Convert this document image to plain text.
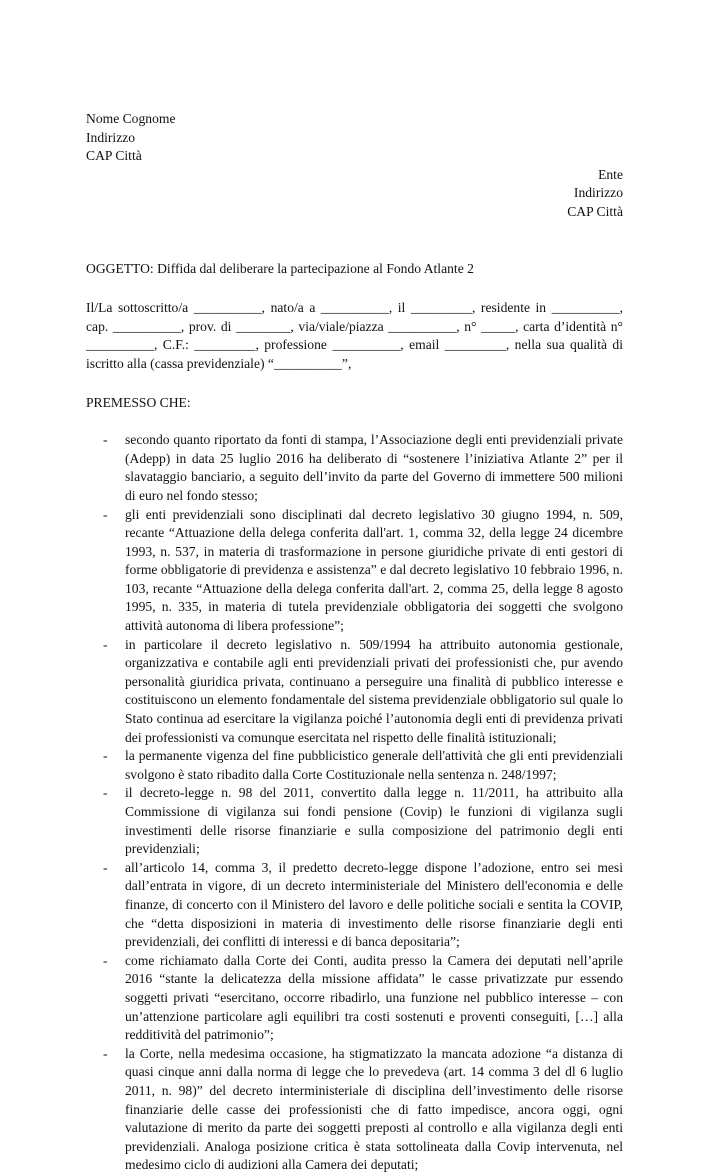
Nome Cognome
Indirizzo
CAP Città
Ente
Indirizzo
CAP Città
OGGETTO: Diffida dal deliberare la partecipazione al Fondo Atlante 2
Il/La sottoscritto/a __________, nato/a a __________, il _________, residente in __________, cap. __________, prov. di ________, via/viale/piazza __________, n° _____, carta d’identità n° __________, C.F.: _________, professione __________, email _________, nella sua qualità di iscritto alla (cassa previdenziale) “__________”,
PREMESSO CHE:
- secondo quanto riportato da fonti di stampa, l’Associazione degli enti previdenziali private (Adepp) in data 25 luglio 2016 ha deliberato di “sostenere l’iniziativa Atlante 2” per il slavataggio banciario, a seguito dell’invito da parte del Governo di immettere 500 milioni di euro nel fondo stesso;
- gli enti previdenziali sono disciplinati dal decreto legislativo 30 giugno 1994, n. 509, recante “Attuazione della delega conferita dall'art. 1, comma 32, della legge 24 dicembre 1993, n. 537, in materia di trasformazione in persone giuridiche private di enti gestori di forme obbligatorie di previdenza e assistenza” e dal decreto legislativo 10 febbraio 1996, n. 103, recante “Attuazione della delega conferita dall'art. 2, comma 25, della legge 8 agosto 1995, n. 335, in materia di tutela previdenziale obbligatoria dei soggetti che svolgono attività autonoma di libera professione”;
- in particolare il decreto legislativo n. 509/1994 ha attribuito autonomia gestionale, organizzativa e contabile agli enti previdenziali privati dei professionisti che, pur avendo personalità giuridica privata, continuano a perseguire una finalità di pubblico interesse e costituiscono un elemento fondamentale del sistema previdenziale obbligatorio sul quale lo Stato continua ad esercitare la vigilanza poiché l’autonomia degli enti di previdenza privati dei professionisti va comunque esercitata nel rispetto delle finalità istituzionali;
- la permanente vigenza del fine pubblicistico generale dell'attività che gli enti previdenziali svolgono è stato ribadito dalla Corte Costituzionale nella sentenza n. 248/1997;
- il decreto-legge n. 98 del 2011, convertito dalla legge n. 11/2011, ha attribuito alla Commissione di vigilanza sui fondi pensione (Covip) le funzioni di vigilanza sugli investimenti delle risorse finanziarie e sulla composizione del patrimonio degli enti previdenziali;
- all’articolo 14, comma 3, il predetto decreto-legge dispone l’adozione, entro sei mesi dall’entrata in vigore, di un decreto interministeriale del Ministero dell'economia e delle finanze, di concerto con il Ministero del lavoro e delle politiche sociali e sentita la COVIP, che “detta disposizioni in materia di investimento delle risorse finanziarie degli enti previdenziali, dei conflitti di interessi e di banca depositaria”;
- come richiamato dalla Corte dei Conti, audita presso la Camera dei deputati nell’aprile 2016 “stante la delicatezza della missione affidata” le casse privatizzate pur essendo soggetti privati “esercitano, occorre ribadirlo, una funzione nel pubblico interesse – con un’attenzione particolare agli equilibri tra costi sostenuti e proventi conseguiti, […] alla redditività del patrimonio”;
- la Corte, nella medesima occasione, ha stigmatizzato la mancata adozione “a distanza di quasi cinque anni dalla norma di legge che lo prevedeva (art. 14 comma 3 del dl 6 luglio 2011, n. 98)” del decreto interministeriale di disciplina dell’investimento delle risorse finanziarie delle casse dei professionisti che di fatto impedisce, ancora oggi, ogni valutazione di merito da parte dei soggetti preposti al controllo e alla vigilanza degli enti previdenziali. Analoga posizione critica è stata sottolineata dalla Covip intervenuta, nel medesimo ciclo di audizioni alla Camera dei deputati;
